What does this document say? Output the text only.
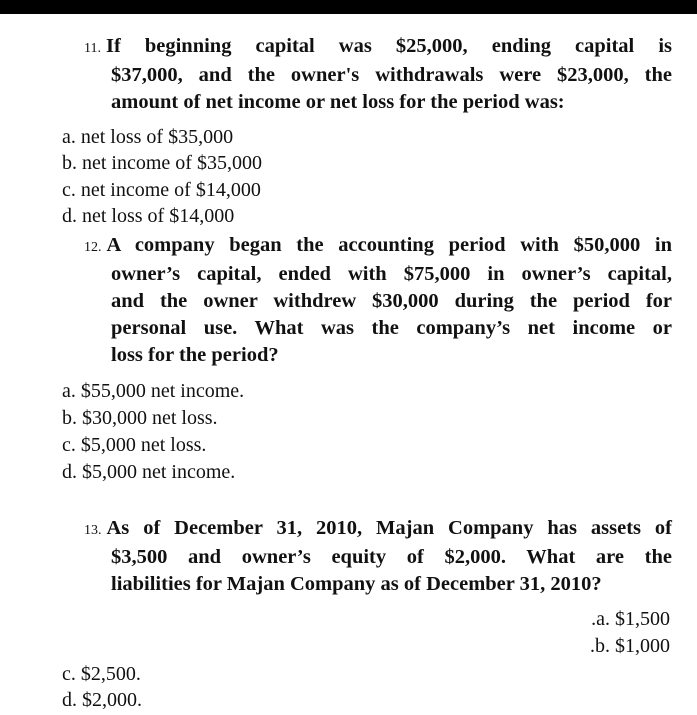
11. If beginning capital was $25,000, ending capital is
$37,000, and the owner's withdrawals were $23,000, the
amount of net income or net loss for the period was:
a. net loss of $35,000
b. net income of $35,000
c. net income of $14,000
d. net loss of $14,000
12. A company began the accounting period with $50,000 in
owner’s capital, ended with $75,000 in owner’s capital,
and the owner withdrew $30,000 during the period for
personal use. What was the company’s net income or
loss for the period?
a. $55,000 net income.
b. $30,000 net loss.
c. $5,000 net loss.
d. $5,000 net income.
13. As of December 31, 2010, Majan Company has assets of
$3,500 and owner’s equity of $2,000. What are the
liabilities for Majan Company as of December 31, 2010?
.a. $1,500
.b. $1,000
c. $2,500.
d. $2,000.
